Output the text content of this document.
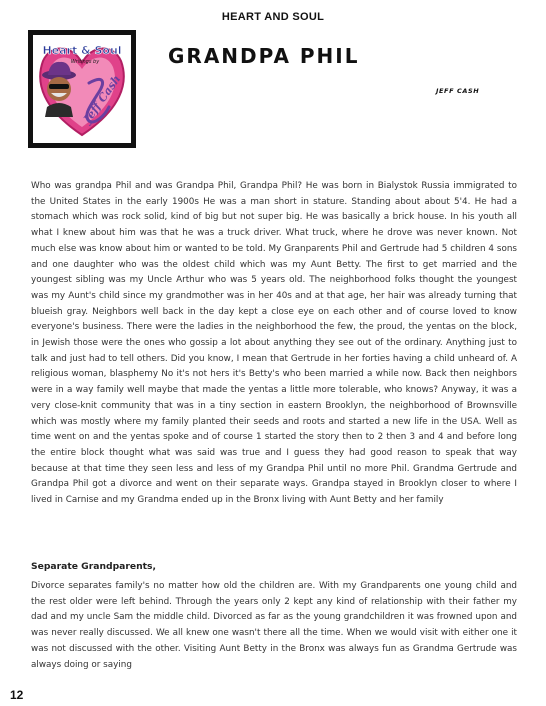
HEART AND SOUL
Heart & Soul
Writings by
Jeff Cash
GRANDPA PHIL
JEFF CASH

Who was grandpa Phil and was Grandpa Phil, Grandpa Phil? He was born in Bialystok Russia immigrated to the United States in the early 1900s He was a man short in stature. Standing about about 5'4. He had a stomach which was rock solid, kind of big but not super big. He was basically a brick house. In his youth all what I knew about him was that he was a truck driver. What truck, where he drove was never known. Not much else was know about him or wanted to be told. My Granparents Phil and Gertrude had 5 children 4 sons and one daughter who was the oldest child which was my Aunt Betty. The first to get married and the youngest sibling was my Uncle Arthur who was 5 years old. The neighborhood folks thought the youngest was my Aunt's child since my grandmother was in her 40s and at that age, her hair was already turning that blueish gray. Neighbors well back in the day kept a close eye on each other and of course loved to know everyone's business. There were the ladies in the neighborhood the few, the proud, the yentas on the block, in Jewish those were the ones who gossip a lot about anything they see out of the ordinary. Anything just to talk and just had to tell others. Did you know, I mean that Gertrude in her forties having a child unheard of. A religious woman, blasphemy No it's not hers it's Betty's who been married a while now. Back then neighbors were in a way family well maybe that made the yentas a little more tolerable, who knows? Anyway, it was a very close-knit community that was in a tiny section in eastern Brooklyn, the neighborhood of Brownsville which was mostly where my family planted their seeds and roots and started a new life in the USA. Well as time went on and the yentas spoke and of course 1 started the story then to 2 then 3 and 4 and before long the entire block thought what was said was true and I guess they had good reason to speak that way because at that time they seen less and less of my Grandpa Phil until no more Phil. Grandma Gertrude and Grandpa Phil got a divorce and went on their separate ways. Grandpa stayed in Brooklyn closer to where I lived in Carnise and my Grandma ended up in the Bronx living with Aunt Betty and her family

Separate Grandparents,

Divorce separates family's no matter how old the children are. With my Grandparents one young child and the rest older were left behind. Through the years only 2 kept any kind of relationship with their father my dad and my uncle Sam the middle child. Divorced as far as the young grandchildren it was frowned upon and was never really discussed. We all knew one wasn't there all the time. When we would visit with either one it was not discussed with the other. Visiting Aunt Betty in the Bronx was always fun as Grandma Gertrude was always doing or saying

12
